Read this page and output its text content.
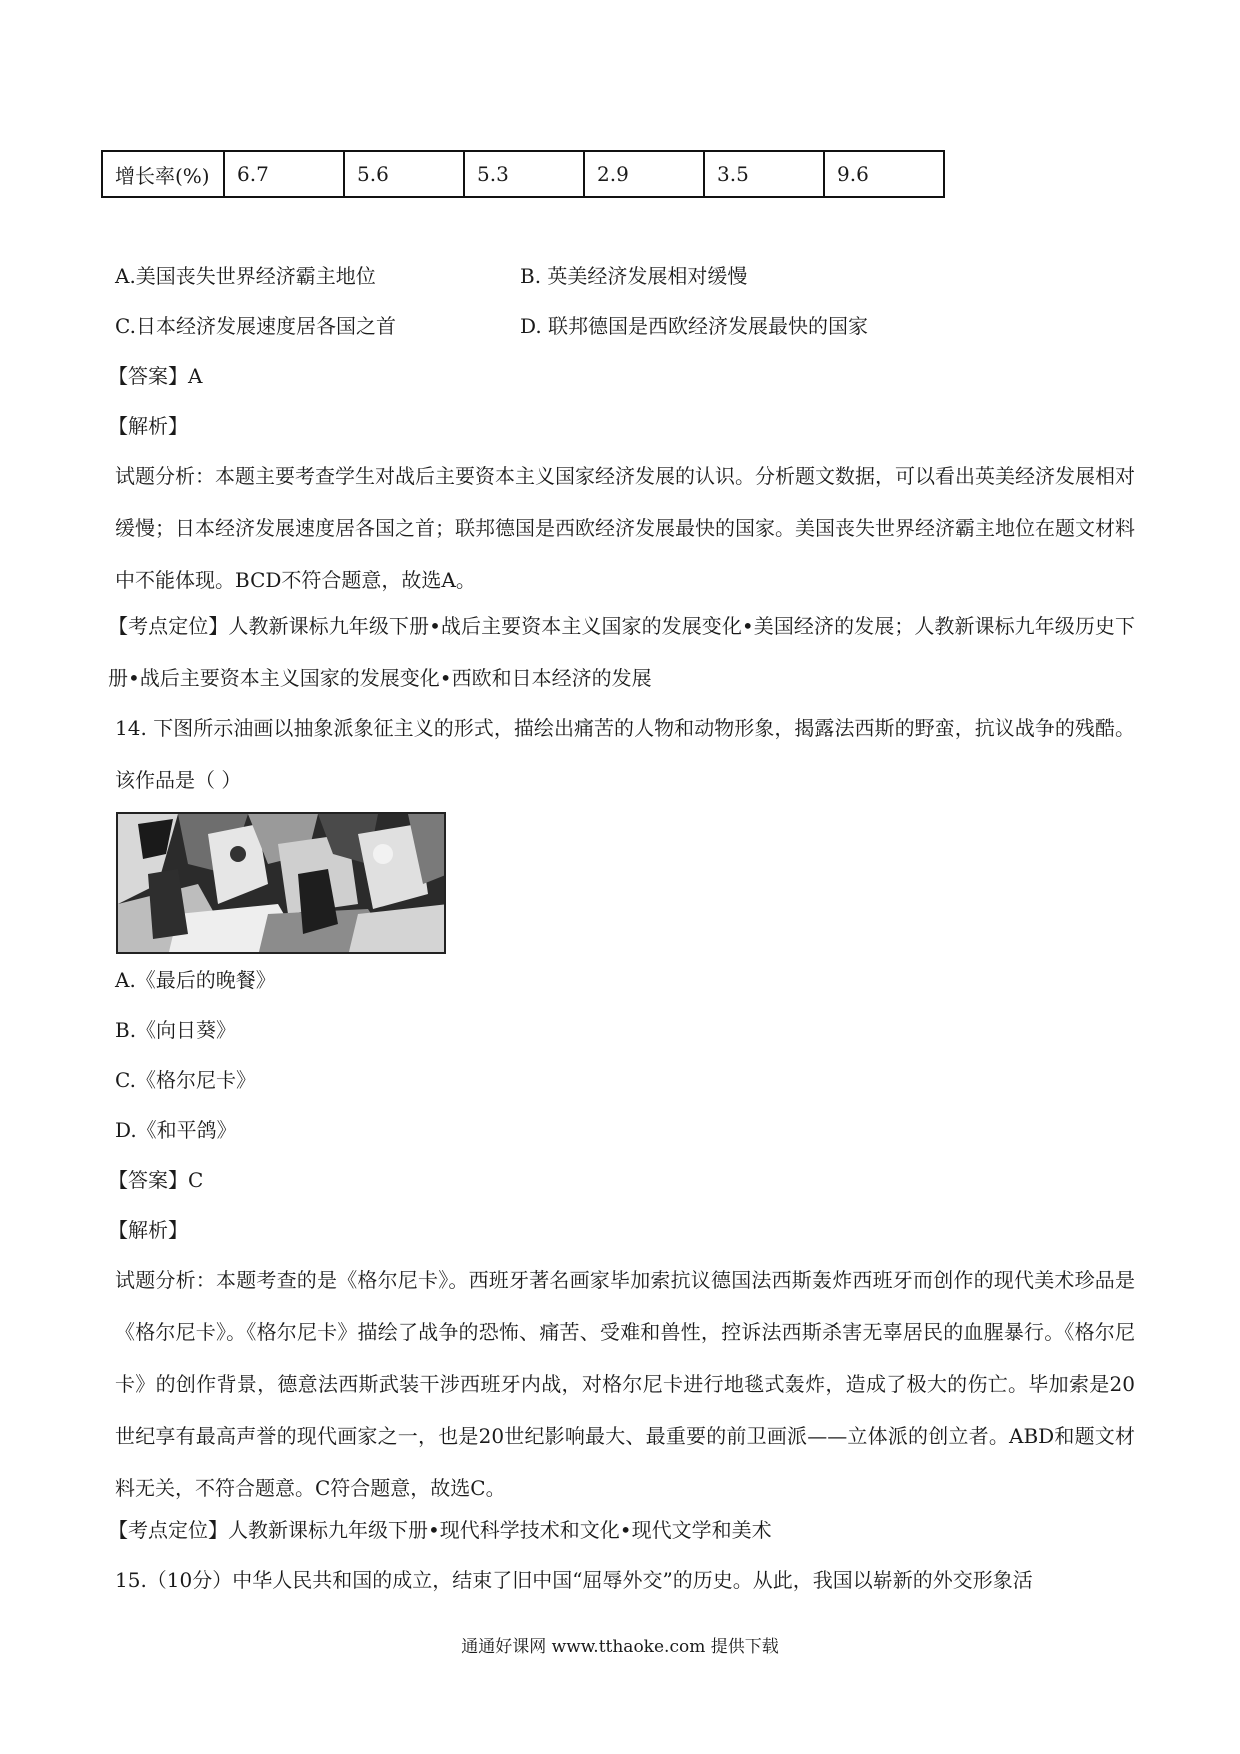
增长率(%)	6.7	5.6	5.3	2.9	3.5	9.6
A.美国丧失世界经济霸主地位	B. 英美经济发展相对缓慢
C.日本经济发展速度居各国之首	D. 联邦德国是西欧经济发展最快的国家
【答案】A
【解析】
试题分析：本题主要考查学生对战后主要资本主义国家经济发展的认识。分析题文数据，可以看出英美经济发展相对缓慢；日本经济发展速度居各国之首；联邦德国是西欧经济发展最快的国家。美国丧失世界经济霸主地位在题文材料中不能体现。BCD不符合题意，故选A。
【考点定位】人教新课标九年级下册•战后主要资本主义国家的发展变化•美国经济的发展；人教新课标九年级历史下册•战后主要资本主义国家的发展变化•西欧和日本经济的发展
14. 下图所示油画以抽象派象征主义的形式，描绘出痛苦的人物和动物形象，揭露法西斯的野蛮，抗议战争的残酷。该作品是（ ）
A.《最后的晚餐》
B.《向日葵》
C.《格尔尼卡》
D.《和平鸽》
【答案】C
【解析】
试题分析：本题考查的是《格尔尼卡》。西班牙著名画家毕加索抗议德国法西斯轰炸西班牙而创作的现代美术珍品是《格尔尼卡》。《格尔尼卡》描绘了战争的恐怖、痛苦、受难和兽性，控诉法西斯杀害无辜居民的血腥暴行。《格尔尼卡》的创作背景，德意法西斯武装干涉西班牙内战，对格尔尼卡进行地毯式轰炸，造成了极大的伤亡。毕加索是20世纪享有最高声誉的现代画家之一，也是20世纪影响最大、最重要的前卫画派——立体派的创立者。ABD和题文材料无关，不符合题意。C符合题意，故选C。
【考点定位】人教新课标九年级下册•现代科学技术和文化•现代文学和美术
15.（10分）中华人民共和国的成立，结束了旧中国“屈辱外交”的历史。从此，我国以崭新的外交形象活
通通好课网 www.tthaoke.com 提供下载
